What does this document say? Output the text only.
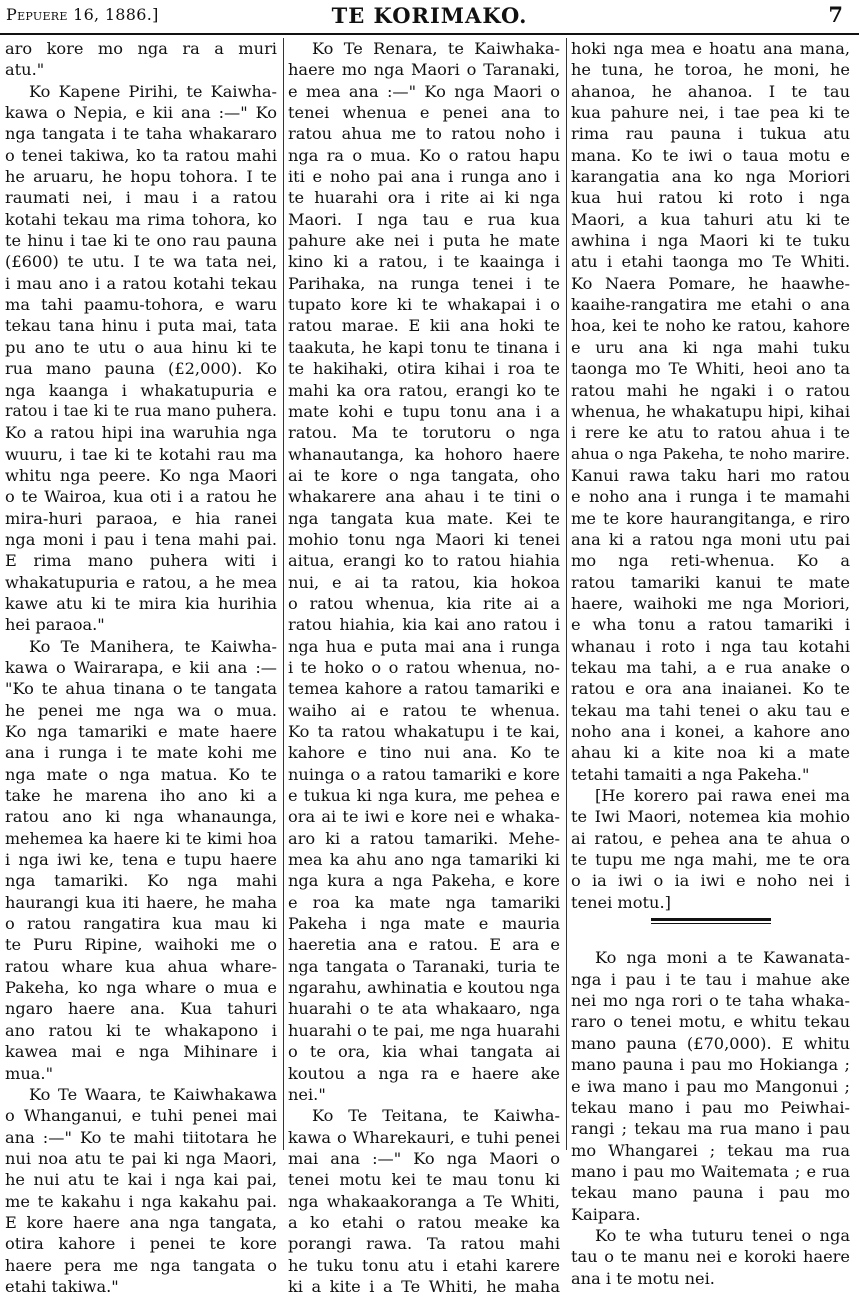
Pepuere 16, 1886.]	TE KORIMAKO.	7
aro kore mo nga ra a muri
atu."
Ko Kapene Pirihi, te Kaiwha-
kawa o Nepia, e kii ana :—" Ko
nga tangata i te taha whakararo
o tenei takiwa, ko ta ratou mahi
he aruaru, he hopu tohora. I te
raumati nei, i mau i a ratou
kotahi tekau ma rima tohora, ko
te hinu i tae ki te ono rau pauna
(£600) te utu. I te wa tata nei,
i mau ano i a ratou kotahi tekau
ma tahi paamu-tohora, e waru
tekau tana hinu i puta mai, tata
pu ano te utu o aua hinu ki te
rua mano pauna (£2,000). Ko
nga kaanga i whakatupuria e
ratou i tae ki te rua mano puhera.
Ko a ratou hipi ina waruhia nga
wuuru, i tae ki te kotahi rau ma
whitu nga peere. Ko nga Maori
o te Wairoa, kua oti i a ratou he
mira-huri paraoa, e hia ranei
nga moni i pau i tena mahi pai.
E rima mano puhera witi i
whakatupuria e ratou, a he mea
kawe atu ki te mira kia hurihia
hei paraoa."
Ko Te Manihera, te Kaiwha-
kawa o Wairarapa, e kii ana :—
"Ko te ahua tinana o te tangata
he penei me nga wa o mua.
Ko nga tamariki e mate haere
ana i runga i te mate kohi me
nga mate o nga matua. Ko te
take he marena iho ano ki a
ratou ano ki nga whanaunga,
mehemea ka haere ki te kimi hoa
i nga iwi ke, tena e tupu haere
nga tamariki. Ko nga mahi
haurangi kua iti haere, he maha
o ratou rangatira kua mau ki
te Puru Ripine, waihoki me o
ratou whare kua ahua whare-
Pakeha, ko nga whare o mua e
ngaro haere ana. Kua tahuri
ano ratou ki te whakapono i
kawea mai e nga Mihinare i
mua."
Ko Te Waara, te Kaiwhakawa
o Whanganui, e tuhi penei mai
ana :—" Ko te mahi tiitotara he
nui noa atu te pai ki nga Maori,
he nui atu te kai i nga kai pai,
me te kakahu i nga kakahu pai.
E kore haere ana nga tangata,
otira kahore i penei te kore
haere pera me nga tangata o
etahi takiwa."
Ko Te Renara, te Kaiwhaka-
haere mo nga Maori o Taranaki,
e mea ana :—" Ko nga Maori o
tenei whenua e penei ana to
ratou ahua me to ratou noho i
nga ra o mua. Ko o ratou hapu
iti e noho pai ana i runga ano i
te huarahi ora i rite ai ki nga
Maori. I nga tau e rua kua
pahure ake nei i puta he mate
kino ki a ratou, i te kaainga i
Parihaka, na runga tenei i te
tupato kore ki te whakapai i o
ratou marae. E kii ana hoki te
taakuta, he kapi tonu te tinana i
te hakihaki, otira kihai i roa te
mahi ka ora ratou, erangi ko te
mate kohi e tupu tonu ana i a
ratou. Ma te torutoru o nga
whanautanga, ka hohoro haere
ai te kore o nga tangata, oho
whakarere ana ahau i te tini o
nga tangata kua mate. Kei te
mohio tonu nga Maori ki tenei
aitua, erangi ko to ratou hiahia
nui, e ai ta ratou, kia hokoa
o ratou whenua, kia rite ai a
ratou hiahia, kia kai ano ratou i
nga hua e puta mai ana i runga
i te hoko o o ratou whenua, no-
temea kahore a ratou tamariki e
waiho ai e ratou te whenua.
Ko ta ratou whakatupu i te kai,
kahore e tino nui ana. Ko te
nuinga o a ratou tamariki e kore
e tukua ki nga kura, me pehea e
ora ai te iwi e kore nei e whaka-
aro ki a ratou tamariki. Mehe-
mea ka ahu ano nga tamariki ki
nga kura a nga Pakeha, e kore
e roa ka mate nga tamariki
Pakeha i nga mate e mauria
haeretia ana e ratou. E ara e
nga tangata o Taranaki, turia te
ngarahu, awhinatia e koutou nga
huarahi o te ata whakaaro, nga
huarahi o te pai, me nga huarahi
o te ora, kia whai tangata ai
koutou a nga ra e haere ake
nei."
Ko Te Teitana, te Kaiwha-
kawa o Wharekauri, e tuhi penei
mai ana :—" Ko nga Maori o
tenei motu kei te mau tonu ki
nga whakaakoranga a Te Whiti,
a ko etahi o ratou meake ka
porangi rawa. Ta ratou mahi
he tuku tonu atu i etahi karere
ki a kite i a Te Whiti, he maha
hoki nga mea e hoatu ana mana,
he tuna, he toroa, he moni, he
ahanoa, he ahanoa. I te tau
kua pahure nei, i tae pea ki te
rima rau pauna i tukua atu
mana. Ko te iwi o taua motu e
karangatia ana ko nga Moriori
kua hui ratou ki roto i nga
Maori, a kua tahuri atu ki te
awhina i nga Maori ki te tuku
atu i etahi taonga mo Te Whiti.
Ko Naera Pomare, he haawhe-
kaaihe-rangatira me etahi o ana
hoa, kei te noho ke ratou, kahore
e uru ana ki nga mahi tuku
taonga mo Te Whiti, heoi ano ta
ratou mahi he ngaki i o ratou
whenua, he whakatupu hipi, kihai
i rere ke atu to ratou ahua i te
ahua o nga Pakeha, te noho marire.
Kanui rawa taku hari mo ratou
e noho ana i runga i te mamahi
me te kore haurangitanga, e riro
ana ki a ratou nga moni utu pai
mo nga reti-whenua. Ko a
ratou tamariki kanui te mate
haere, waihoki me nga Moriori,
e wha tonu a ratou tamariki i
whanau i roto i nga tau kotahi
tekau ma tahi, a e rua anake o
ratou e ora ana inaianei. Ko te
tekau ma tahi tenei o aku tau e
noho ana i konei, a kahore ano
ahau ki a kite noa ki a mate
tetahi tamaiti a nga Pakeha."
[He korero pai rawa enei ma
te Iwi Maori, notemea kia mohio
ai ratou, e pehea ana te ahua o
te tupu me nga mahi, me te ora
o ia iwi o ia iwi e noho nei i
tenei motu.]
Ko nga moni a te Kawanata-
nga i pau i te tau i mahue ake
nei mo nga rori o te taha whaka-
raro o tenei motu, e whitu tekau
mano pauna (£70,000). E whitu
mano pauna i pau mo Hokianga ;
e iwa mano i pau mo Mangonui ;
tekau mano i pau mo Peiwhai-
rangi ; tekau ma rua mano i pau
mo Whangarei ; tekau ma rua
mano i pau mo Waitemata ; e rua
tekau mano pauna i pau mo
Kaipara.
Ko te wha tuturu tenei o nga
tau o te manu nei e koroki haere
ana i te motu nei.
